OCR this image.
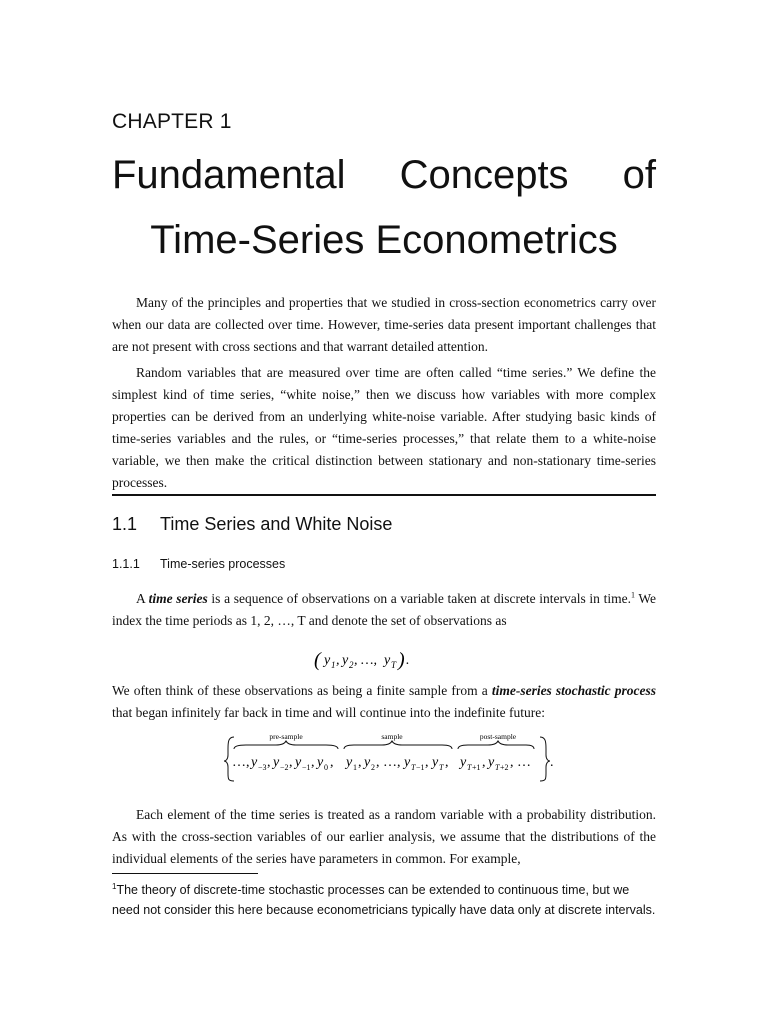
CHAPTER 1
Fundamental Concepts of
Time-Series Econometrics

Many of the principles and properties that we studied in cross-section econometrics carry over when our data are collected over time. However, time-series data present important challenges that are not present with cross sections and that warrant detailed attention.

Random variables that are measured over time are often called “time series.” We define the simplest kind of time series, “white noise,” then we discuss how variables with more complex properties can be derived from an underlying white-noise variable. After studying basic kinds of time-series variables and the rules, or “time-series processes,” that relate them to a white-noise variable, we then make the critical distinction between stationary and non-stationary time-series processes.

1.1 Time Series and White Noise
1.1.1 Time-series processes

A time series is a sequence of observations on a variable taken at discrete intervals in time.$^1$ We index the time periods as 1, 2, …, T and denote the set of observations as

( y 1 , y 2 , …, y T ) .

We often think of these observations as being a finite sample from a time-series stochastic process that began infinitely far back in time and will continue into the indefinite future:

pre-sample	sample	post-sample
…, y −3 , y −2 , y −1 , y 0 , y 1 , y 2 , …, y T −1 , y T , y T +1 , y T +2 , … .

Each element of the time series is treated as a random variable with a probability distribution. As with the cross-section variables of our earlier analysis, we assume that the distributions of the individual elements of the series have parameters in common. For example,

$^1$The theory of discrete-time stochastic processes can be extended to continuous time, but we need not consider this here because econometricians typically have data only at discrete intervals.
